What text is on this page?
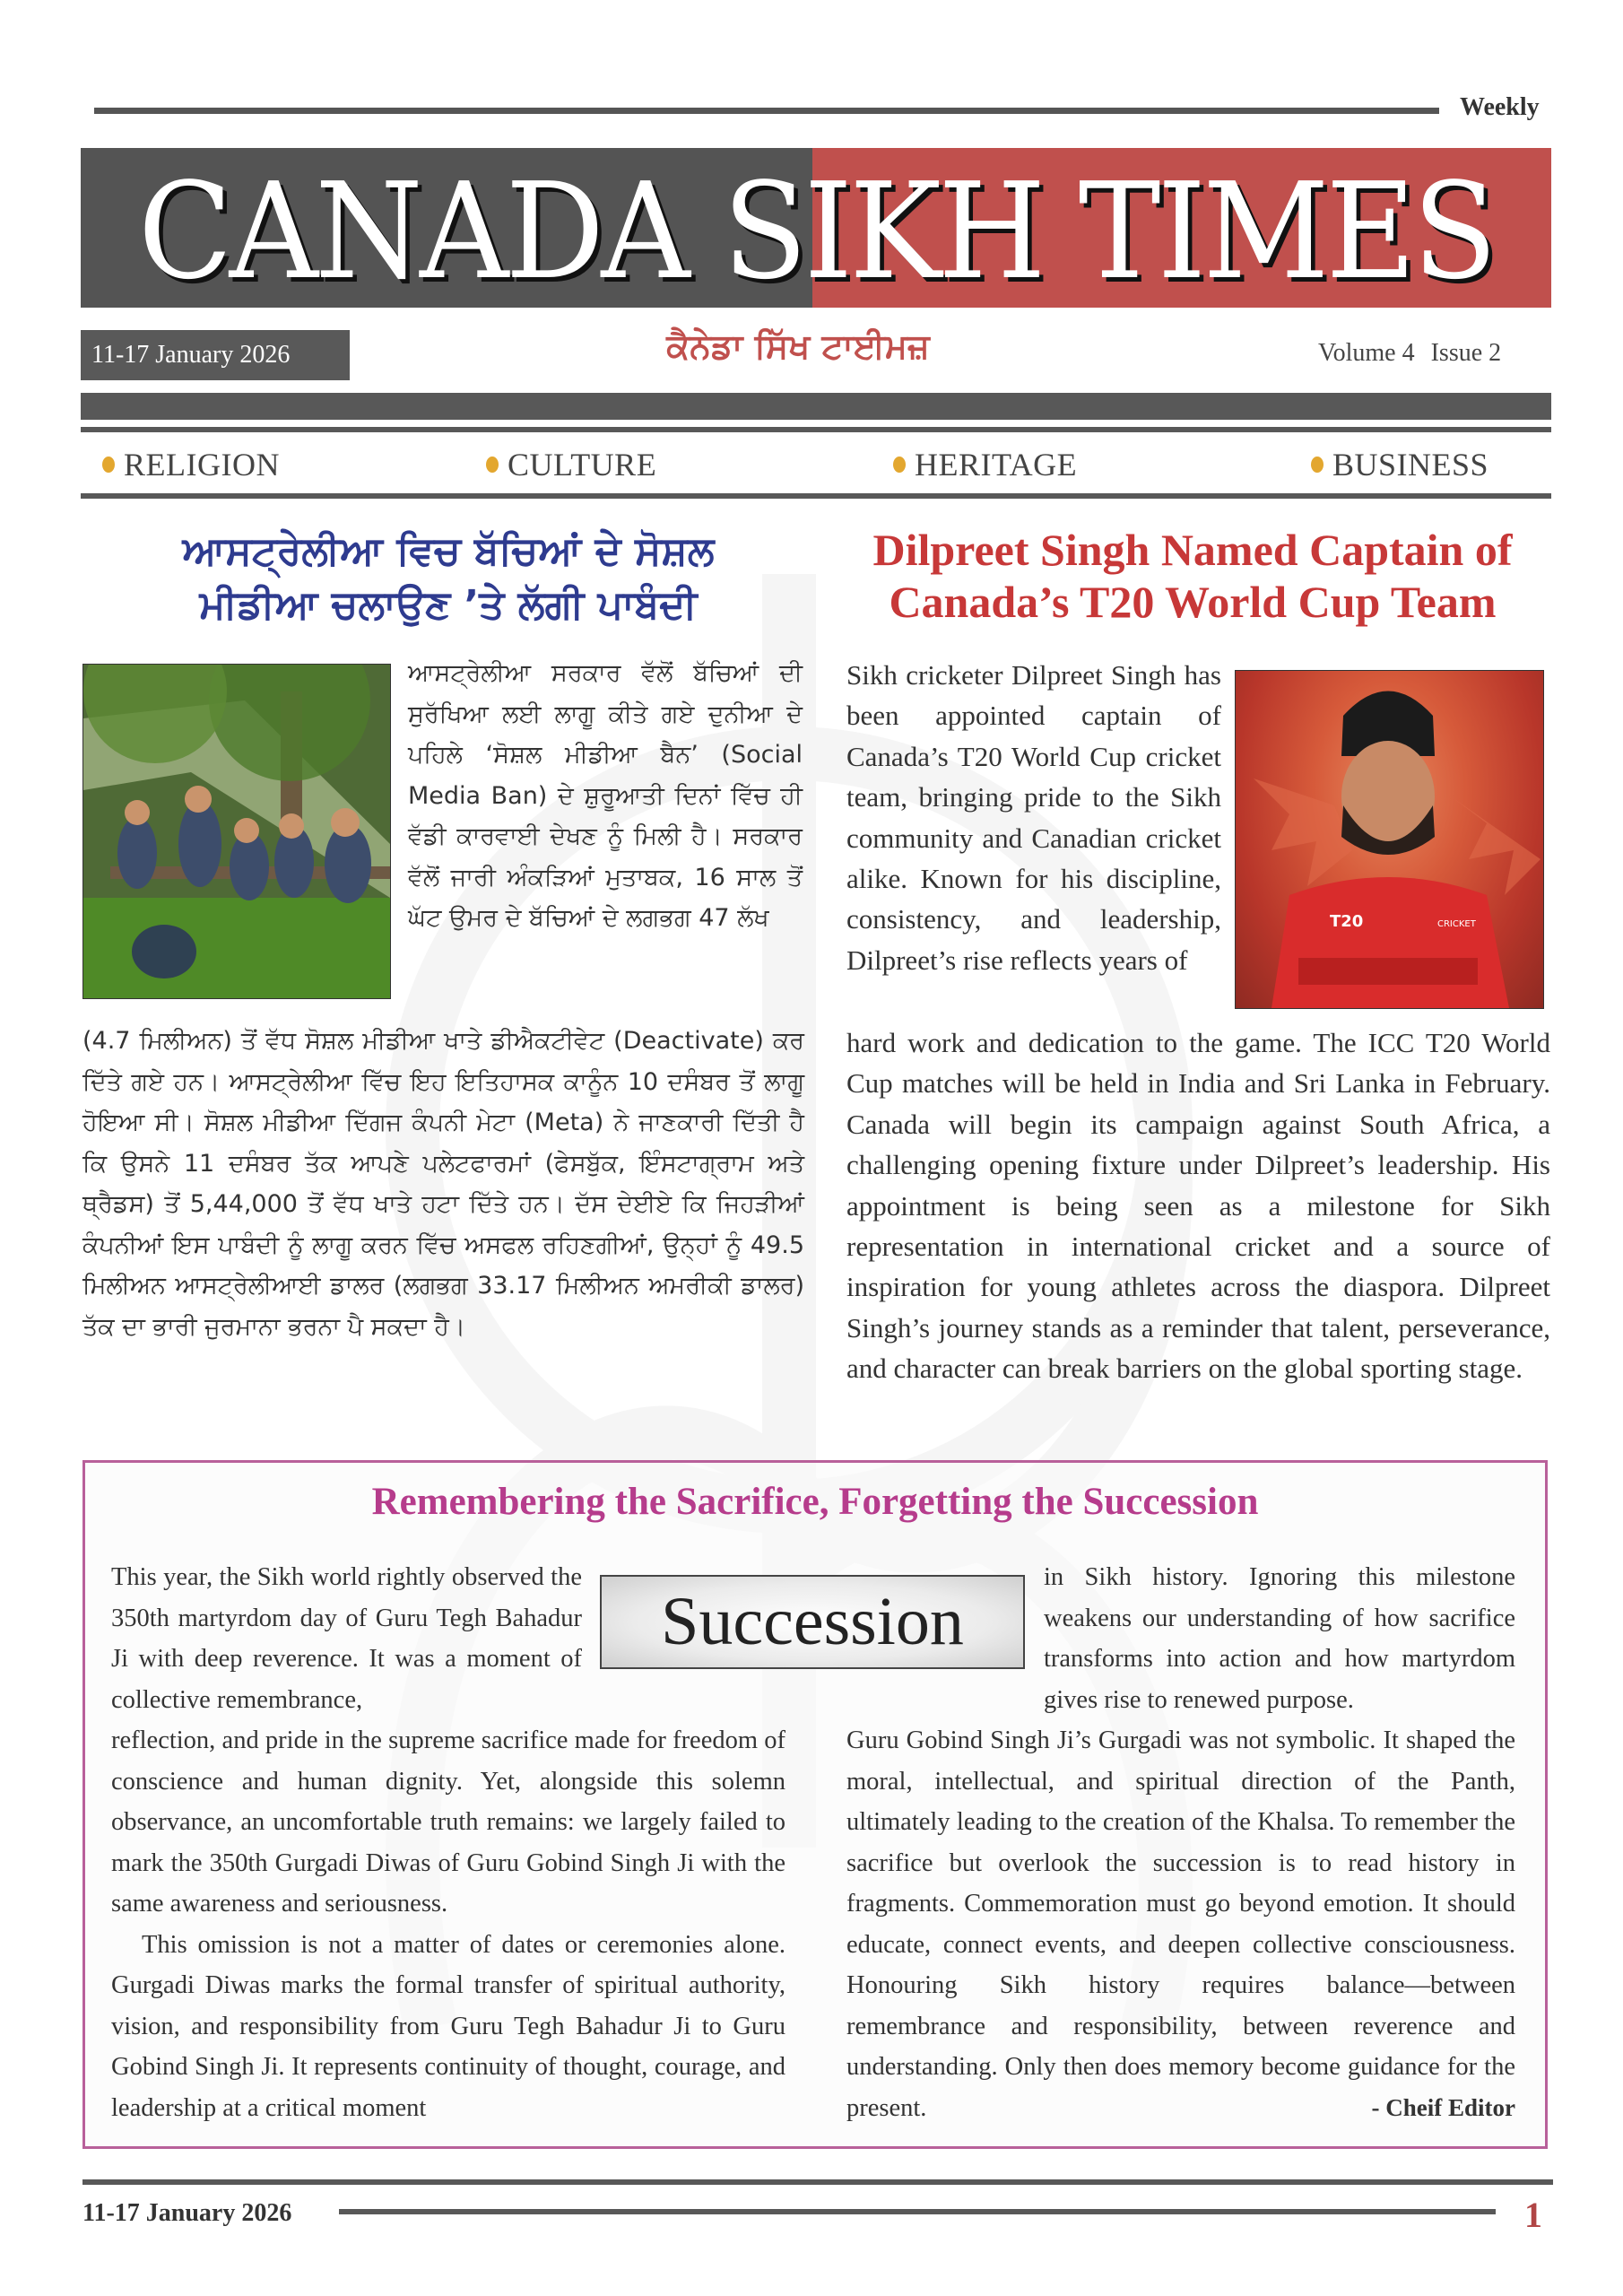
Weekly
CANADA SIKH TIMES
11-17 January 2026	ਕੈਨੇਡਾ ਸਿੱਖ ਟਾਈਮਜ਼	Volume 4 Issue 2
RELIGION	CULTURE	HERITAGE	BUSINESS
ਆਸਟ੍ਰੇਲੀਆ ਵਿਚ ਬੱਚਿਆਂ ਦੇ ਸੋਸ਼ਲ
ਮੀਡੀਆ ਚਲਾਉਣ ’ਤੇ ਲੱਗੀ ਪਾਬੰਦੀ
ਆਸਟ੍ਰੇਲੀਆ ਸਰਕਾਰ ਵੱਲੋਂ ਬੱਚਿਆਂ ਦੀ ਸੁਰੱਖਿਆ ਲਈ ਲਾਗੂ ਕੀਤੇ ਗਏ ਦੁਨੀਆ ਦੇ ਪਹਿਲੇ ‘ਸੋਸ਼ਲ ਮੀਡੀਆ ਬੈਨ’ (Social Media Ban) ਦੇ ਸ਼ੁਰੂਆਤੀ ਦਿਨਾਂ ਵਿੱਚ ਹੀ ਵੱਡੀ ਕਾਰਵਾਈ ਦੇਖਣ ਨੂੰ ਮਿਲੀ ਹੈ। ਸਰਕਾਰ ਵੱਲੋਂ ਜਾਰੀ ਅੰਕੜਿਆਂ ਮੁਤਾਬਕ, 16 ਸਾਲ ਤੋਂ ਘੱਟ ਉਮਰ ਦੇ ਬੱਚਿਆਂ ਦੇ ਲਗਭਗ 47 ਲੱਖ
(4.7 ਮਿਲੀਅਨ) ਤੋਂ ਵੱਧ ਸੋਸ਼ਲ ਮੀਡੀਆ ਖਾਤੇ ਡੀਐਕਟੀਵੇਟ (Deactivate) ਕਰ ਦਿੱਤੇ ਗਏ ਹਨ। ਆਸਟ੍ਰੇਲੀਆ ਵਿੱਚ ਇਹ ਇਤਿਹਾਸਕ ਕਾਨੂੰਨ 10 ਦਸੰਬਰ ਤੋਂ ਲਾਗੂ ਹੋਇਆ ਸੀ। ਸੋਸ਼ਲ ਮੀਡੀਆ ਦਿੱਗਜ ਕੰਪਨੀ ਮੇਟਾ (Meta) ਨੇ ਜਾਣਕਾਰੀ ਦਿੱਤੀ ਹੈ ਕਿ ਉਸਨੇ 11 ਦਸੰਬਰ ਤੱਕ ਆਪਣੇ ਪਲੇਟਫਾਰਮਾਂ (ਫੇਸਬੁੱਕ, ਇੰਸਟਾਗ੍ਰਾਮ ਅਤੇ ਥ੍ਰੈਡਸ) ਤੋਂ 5,44,000 ਤੋਂ ਵੱਧ ਖਾਤੇ ਹਟਾ ਦਿੱਤੇ ਹਨ। ਦੱਸ ਦੇਈਏ ਕਿ ਜਿਹੜੀਆਂ ਕੰਪਨੀਆਂ ਇਸ ਪਾਬੰਦੀ ਨੂੰ ਲਾਗੂ ਕਰਨ ਵਿੱਚ ਅਸਫਲ ਰਹਿਣਗੀਆਂ, ਉਨ੍ਹਾਂ ਨੂੰ 49.5 ਮਿਲੀਅਨ ਆਸਟ੍ਰੇਲੀਆਈ ਡਾਲਰ (ਲਗਭਗ 33.17 ਮਿਲੀਅਨ ਅਮਰੀਕੀ ਡਾਲਰ) ਤੱਕ ਦਾ ਭਾਰੀ ਜੁਰਮਾਨਾ ਭਰਨਾ ਪੈ ਸਕਦਾ ਹੈ।
Dilpreet Singh Named Captain of
Canada’s T20 World Cup Team
Sikh cricketer Dilpreet Singh has been appointed captain of Canada’s T20 World Cup cricket team, bringing pride to the Sikh community and Canadian cricket alike. Known for his discipline, consistency, and leadership, Dilpreet’s rise reflects years of
T20	CRICKET
hard work and dedication to the game. The ICC T20 World Cup matches will be held in India and Sri Lanka in February. Canada will begin its campaign against South Africa, a challenging opening fixture under Dilpreet’s leadership. His appointment is being seen as a milestone for Sikh representation in international cricket and a source of inspiration for young athletes across the diaspora. Dilpreet Singh’s journey stands as a reminder that talent, perseverance, and character can break barriers on the global sporting stage.
Remembering the Sacrifice, Forgetting the Succession
This year, the Sikh world rightly observed the 350th martyrdom day of Guru Tegh Bahadur Ji with deep reverence. It was a moment of collective remembrance,
Succession
in Sikh history. Ignoring this milestone weakens our understanding of how sacrifice transforms into action and how martyrdom gives rise to renewed purpose.
reflection, and pride in the supreme sacrifice made for freedom of conscience and human dignity. Yet, alongside this solemn observance, an uncomfortable truth remains: we largely failed to mark the 350th Gurgadi Diwas of Guru Gobind Singh Ji with the same awareness and seriousness.
This omission is not a matter of dates or ceremonies alone. Gurgadi Diwas marks the formal transfer of spiritual authority, vision, and responsibility from Guru Tegh Bahadur Ji to Guru Gobind Singh Ji. It represents continuity of thought, courage, and leadership at a critical moment
Guru Gobind Singh Ji’s Gurgadi was not symbolic. It shaped the moral, intellectual, and spiritual direction of the Panth, ultimately leading to the creation of the Khalsa. To remember the sacrifice but overlook the succession is to read history in fragments. Commemoration must go beyond emotion. It should educate, connect events, and deepen collective consciousness. Honouring Sikh history requires balance—between remembrance and responsibility, between reverence and understanding. Only then does memory become guidance for the present.	- Cheif Editor
11-17 January 2026	1
